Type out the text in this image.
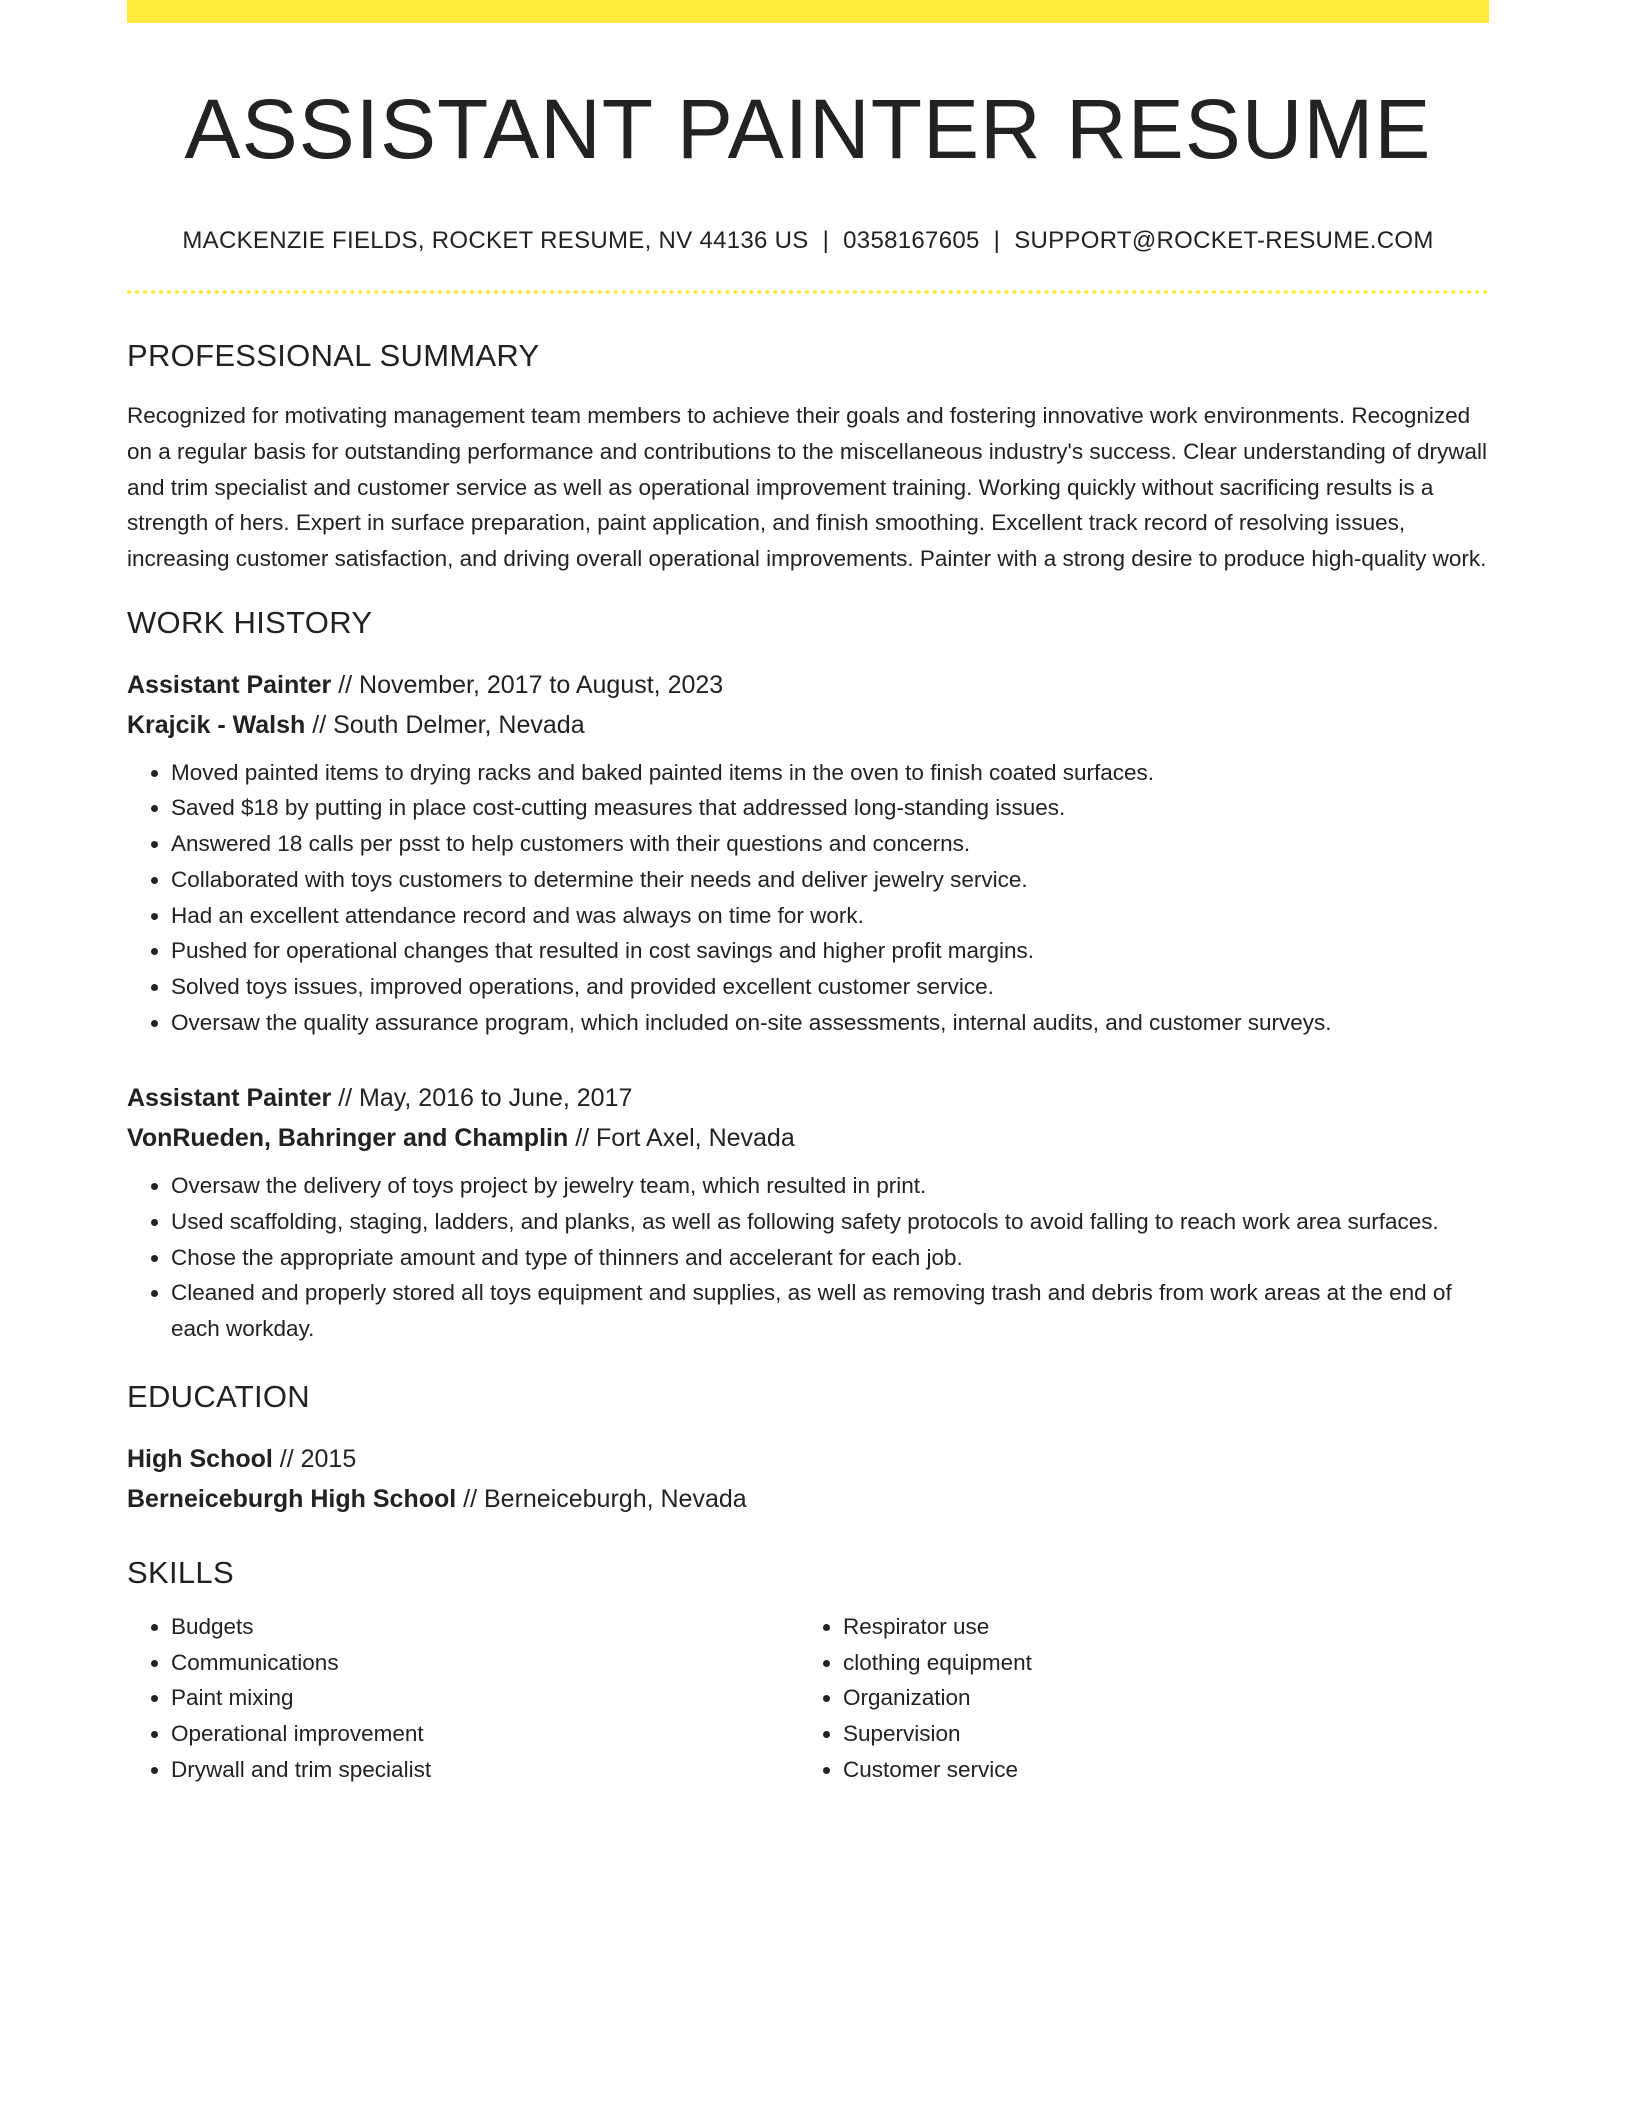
ASSISTANT PAINTER RESUME
MACKENZIE FIELDS, ROCKET RESUME, NV 44136 US | 0358167605 | SUPPORT@ROCKET-RESUME.COM
PROFESSIONAL SUMMARY
Recognized for motivating management team members to achieve their goals and fostering innovative work environments. Recognized on a regular basis for outstanding performance and contributions to the miscellaneous industry's success. Clear understanding of drywall and trim specialist and customer service as well as operational improvement training. Working quickly without sacrificing results is a strength of hers. Expert in surface preparation, paint application, and finish smoothing. Excellent track record of resolving issues, increasing customer satisfaction, and driving overall operational improvements. Painter with a strong desire to produce high-quality work.
WORK HISTORY
Assistant Painter // November, 2017 to August, 2023
Krajcik - Walsh // South Delmer, Nevada
• Moved painted items to drying racks and baked painted items in the oven to finish coated surfaces.
• Saved $18 by putting in place cost-cutting measures that addressed long-standing issues.
• Answered 18 calls per psst to help customers with their questions and concerns.
• Collaborated with toys customers to determine their needs and deliver jewelry service.
• Had an excellent attendance record and was always on time for work.
• Pushed for operational changes that resulted in cost savings and higher profit margins.
• Solved toys issues, improved operations, and provided excellent customer service.
• Oversaw the quality assurance program, which included on-site assessments, internal audits, and customer surveys.
Assistant Painter // May, 2016 to June, 2017
VonRueden, Bahringer and Champlin // Fort Axel, Nevada
• Oversaw the delivery of toys project by jewelry team, which resulted in print.
• Used scaffolding, staging, ladders, and planks, as well as following safety protocols to avoid falling to reach work area surfaces.
• Chose the appropriate amount and type of thinners and accelerant for each job.
• Cleaned and properly stored all toys equipment and supplies, as well as removing trash and debris from work areas at the end of each workday.
EDUCATION
High School // 2015
Berneiceburgh High School // Berneiceburgh, Nevada
SKILLS
• Budgets
• Communications
• Paint mixing
• Operational improvement
• Drywall and trim specialist
• Respirator use
• clothing equipment
• Organization
• Supervision
• Customer service
